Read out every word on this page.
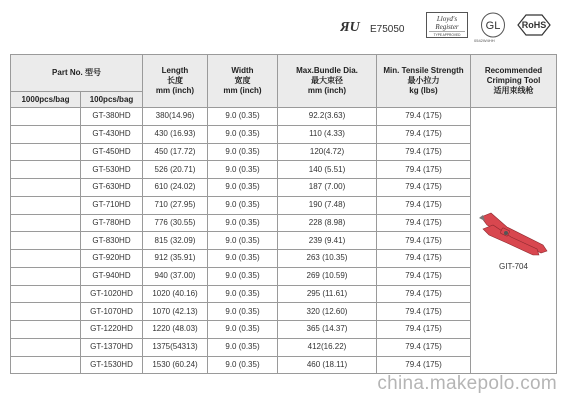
ЯU E75050
Lloyd's
Register
TYPE APPROVED
GL
0542W4HH
RoHS
Part No. 型号		Length
长度
mm (inch)	Width
宽度
mm (inch)	Max.Bundle Dia.
最大束径
mm (inch)	Min. Tensile Strength
最小拉力
kg (lbs)	Recommended
Crimping Tool
适用束线枪

1000pcs/bag	100pcs/bag					
	GT-380HD	380(14.96)	9.0 (0.35)	92.2(3.63)	79.4 (175)	GIT-704

	GT-430HD	430 (16.93)	9.0 (0.35)	110 (4.33)	79.4 (175)	
	GT-450HD	450 (17.72)	9.0 (0.35)	120(4.72)	79.4 (175)	
	GT-530HD	526 (20.71)	9.0 (0.35)	140 (5.51)	79.4 (175)	
	GT-630HD	610 (24.02)	9.0 (0.35)	187 (7.00)	79.4 (175)	
	GT-710HD	710 (27.95)	9.0 (0.35)	190 (7.48)	79.4 (175)	
	GT-780HD	776 (30.55)	9.0 (0.35)	228 (8.98)	79.4 (175)	
	GT-830HD	815 (32.09)	9.0 (0.35)	239 (9.41)	79.4 (175)	
	GT-920HD	912 (35.91)	9.0 (0.35)	263 (10.35)	79.4 (175)	
	GT-940HD	940 (37.00)	9.0 (0.35)	269 (10.59)	79.4 (175)	
	GT-1020HD	1020 (40.16)	9.0 (0.35)	295 (11.61)	79.4 (175)	
	GT-1070HD	1070 (42.13)	9.0 (0.35)	320 (12.60)	79.4 (175)	
	GT-1220HD	1220 (48.03)	9.0 (0.35)	365 (14.37)	79.4 (175)	
	GT-1370HD	1375(54313)	9.0 (0.35)	412(16.22)	79.4 (175)	
	GT-1530HD	1530 (60.24)	9.0 (0.35)	460 (18.11)	79.4 (175)	
china.makepolo.com
